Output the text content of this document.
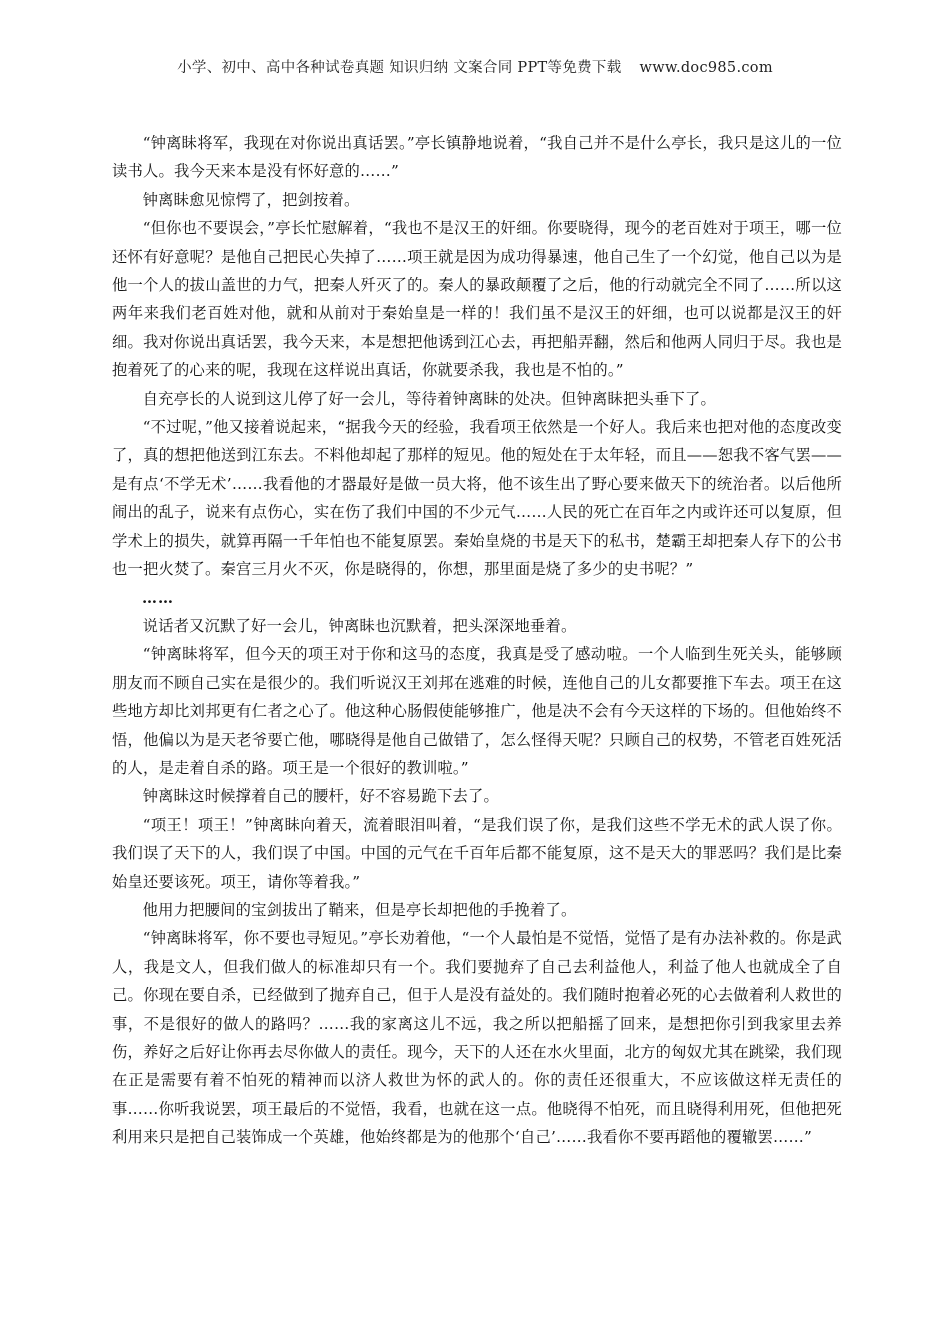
小学、初中、高中各种试卷真题 知识归纳 文案合同 PPT等免费下载 www.doc985.com

“钟离眛将军，我现在对你说出真话罢。”亭长镇静地说着，“我自己并不是什么亭长，我只是这儿的一位读书人。我今天来本是没有怀好意的……”

钟离眛愈见惊愕了，把剑按着。

“但你也不要误会，”亭长忙慰解着，“我也不是汉王的奸细。你要晓得，现今的老百姓对于项王，哪一位还怀有好意呢？是他自己把民心失掉了……项王就是因为成功得暴速，他自己生了一个幻觉，他自己以为是他一个人的拔山盖世的力气，把秦人歼灭了的。秦人的暴政颠覆了之后，他的行动就完全不同了……所以这两年来我们老百姓对他，就和从前对于秦始皇是一样的！我们虽不是汉王的奸细，也可以说都是汉王的奸细。我对你说出真话罢，我今天来，本是想把他诱到江心去，再把船弄翻，然后和他两人同归于尽。我也是抱着死了的心来的呢，我现在这样说出真话，你就要杀我，我也是不怕的。”

自充亭长的人说到这儿停了好一会儿，等待着钟离眛的处决。但钟离眛把头垂下了。

“不过呢，”他又接着说起来，“据我今天的经验，我看项王依然是一个好人。我后来也把对他的态度改变了，真的想把他送到江东去。不料他却起了那样的短见。他的短处在于太年轻，而且——恕我不客气罢——是有点‘不学无术’……我看他的才器最好是做一员大将，他不该生出了野心要来做天下的统治者。以后他所闹出的乱子，说来有点伤心，实在伤了我们中国的不少元气……人民的死亡在百年之内或许还可以复原，但学术上的损失，就算再隔一千年怕也不能复原罢。秦始皇烧的书是天下的私书，楚霸王却把秦人存下的公书也一把火焚了。秦宫三月火不灭，你是晓得的，你想，那里面是烧了多少的史书呢？”

……

说话者又沉默了好一会儿，钟离眛也沉默着，把头深深地垂着。

“钟离眛将军，但今天的项王对于你和这马的态度，我真是受了感动啦。一个人临到生死关头，能够顾朋友而不顾自己实在是很少的。我们听说汉王刘邦在逃难的时候，连他自己的儿女都要推下车去。项王在这些地方却比刘邦更有仁者之心了。他这种心肠假使能够推广，他是决不会有今天这样的下场的。但他始终不悟，他偏以为是天老爷要亡他，哪晓得是他自己做错了，怎么怪得天呢？只顾自己的权势，不管老百姓死活的人，是走着自杀的路。项王是一个很好的教训啦。”

钟离眛这时候撑着自己的腰杆，好不容易跪下去了。

“项王！项王！”钟离眛向着天，流着眼泪叫着，“是我们误了你，是我们这些不学无术的武人误了你。我们误了天下的人，我们误了中国。中国的元气在千百年后都不能复原，这不是天大的罪恶吗？我们是比秦始皇还要该死。项王，请你等着我。”

他用力把腰间的宝剑拔出了鞘来，但是亭长却把他的手挽着了。

“钟离眛将军，你不要也寻短见。”亭长劝着他，“一个人最怕是不觉悟，觉悟了是有办法补救的。你是武人，我是文人，但我们做人的标准却只有一个。我们要抛弃了自己去利益他人，利益了他人也就成全了自己。你现在要自杀，已经做到了抛弃自己，但于人是没有益处的。我们随时抱着必死的心去做着利人救世的事，不是很好的做人的路吗？……我的家离这儿不远，我之所以把船摇了回来，是想把你引到我家里去养伤，养好之后好让你再去尽你做人的责任。现今，天下的人还在水火里面，北方的匈奴尤其在跳梁，我们现在正是需要有着不怕死的精神而以济人救世为怀的武人的。你的责任还很重大，不应该做这样无责任的事……你听我说罢，项王最后的不觉悟，我看，也就在这一点。他晓得不怕死，而且晓得利用死，但他把死利用来只是把自己装饰成一个英雄，他始终都是为的他那个‘自己’……我看你不要再蹈他的覆辙罢……”
